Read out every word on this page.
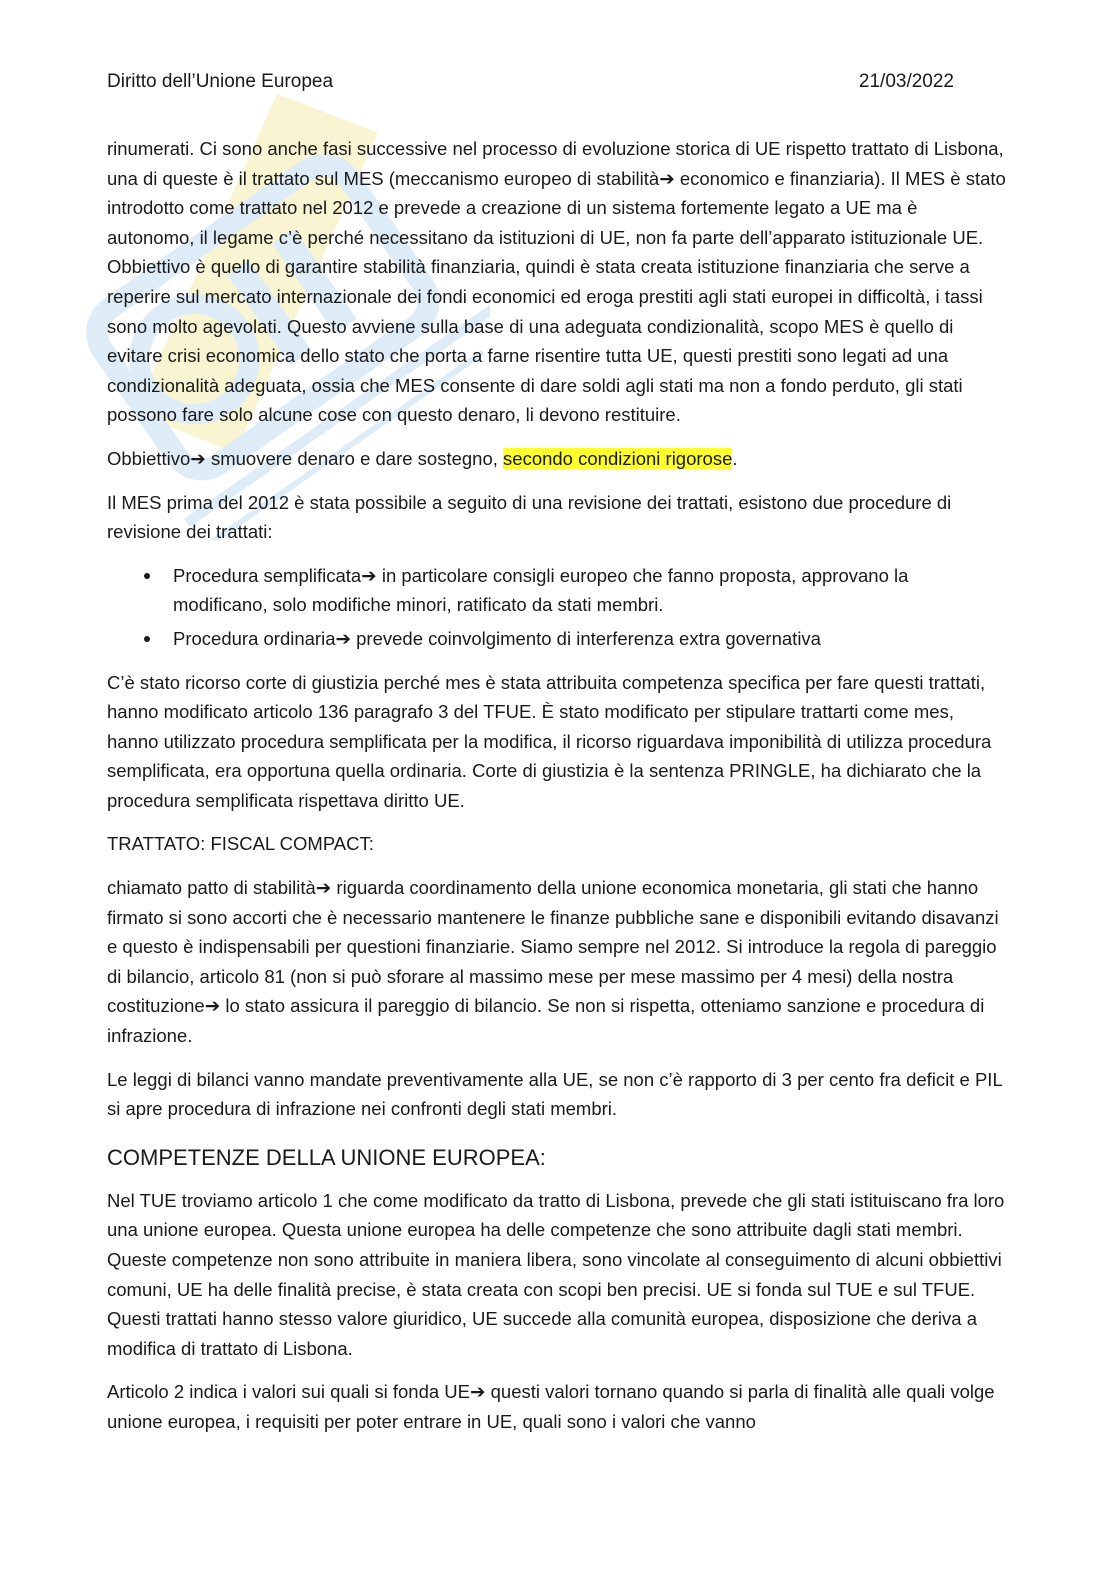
Diritto dell’Unione Europea	21/03/2022

rinumerati. Ci sono anche fasi successive nel processo di evoluzione storica di UE rispetto trattato di Lisbona, una di queste è il trattato sul MES (meccanismo europeo di stabilità➔ economico e finanziaria). Il MES è stato introdotto come trattato nel 2012 e prevede a creazione di un sistema fortemente legato a UE ma è autonomo, il legame c’è perché necessitano da istituzioni di UE, non fa parte dell’apparato istituzionale UE. Obbiettivo è quello di garantire stabilità finanziaria, quindi è stata creata istituzione finanziaria che serve a reperire sul mercato internazionale dei fondi economici ed eroga prestiti agli stati europei in difficoltà, i tassi sono molto agevolati. Questo avviene sulla base di una adeguata condizionalità, scopo MES è quello di evitare crisi economica dello stato che porta a farne risentire tutta UE, questi prestiti sono legati ad una condizionalità adeguata, ossia che MES consente di dare soldi agli stati ma non a fondo perduto, gli stati possono fare solo alcune cose con questo denaro, li devono restituire.

Obbiettivo➔ smuovere denaro e dare sostegno, secondo condizioni rigorose.

Il MES prima del 2012 è stata possibile a seguito di una revisione dei trattati, esistono due procedure di revisione dei trattati:

Procedura semplificata➔ in particolare consigli europeo che fanno proposta, approvano la modificano, solo modifiche minori, ratificato da stati membri.
Procedura ordinaria➔ prevede coinvolgimento di interferenza extra governativa

C’è stato ricorso corte di giustizia perché mes è stata attribuita competenza specifica per fare questi trattati, hanno modificato articolo 136 paragrafo 3 del TFUE. È stato modificato per stipulare trattarti come mes, hanno utilizzato procedura semplificata per la modifica, il ricorso riguardava imponibilità di utilizza procedura semplificata, era opportuna quella ordinaria. Corte di giustizia è la sentenza PRINGLE, ha dichiarato che la procedura semplificata rispettava diritto UE.

TRATTATO: FISCAL COMPACT:

chiamato patto di stabilità➔ riguarda coordinamento della unione economica monetaria, gli stati che hanno firmato si sono accorti che è necessario mantenere le finanze pubbliche sane e disponibili evitando disavanzi e questo è indispensabili per questioni finanziarie. Siamo sempre nel 2012. Si introduce la regola di pareggio di bilancio, articolo 81 (non si può sforare al massimo mese per mese massimo per 4 mesi) della nostra costituzione➔ lo stato assicura il pareggio di bilancio. Se non si rispetta, otteniamo sanzione e procedura di infrazione.

Le leggi di bilanci vanno mandate preventivamente alla UE, se non c’è rapporto di 3 per cento fra deficit e PIL si apre procedura di infrazione nei confronti degli stati membri.

COMPETENZE DELLA UNIONE EUROPEA:

Nel TUE troviamo articolo 1 che come modificato da tratto di Lisbona, prevede che gli stati istituiscano fra loro una unione europea. Questa unione europea ha delle competenze che sono attribuite dagli stati membri. Queste competenze non sono attribuite in maniera libera, sono vincolate al conseguimento di alcuni obbiettivi comuni, UE ha delle finalità precise, è stata creata con scopi ben precisi. UE si fonda sul TUE e sul TFUE. Questi trattati hanno stesso valore giuridico, UE succede alla comunità europea, disposizione che deriva a modifica di trattato di Lisbona.

Articolo 2 indica i valori sui quali si fonda UE➔ questi valori tornano quando si parla di finalità alle quali volge unione europea, i requisiti per poter entrare in UE, quali sono i valori che vanno
